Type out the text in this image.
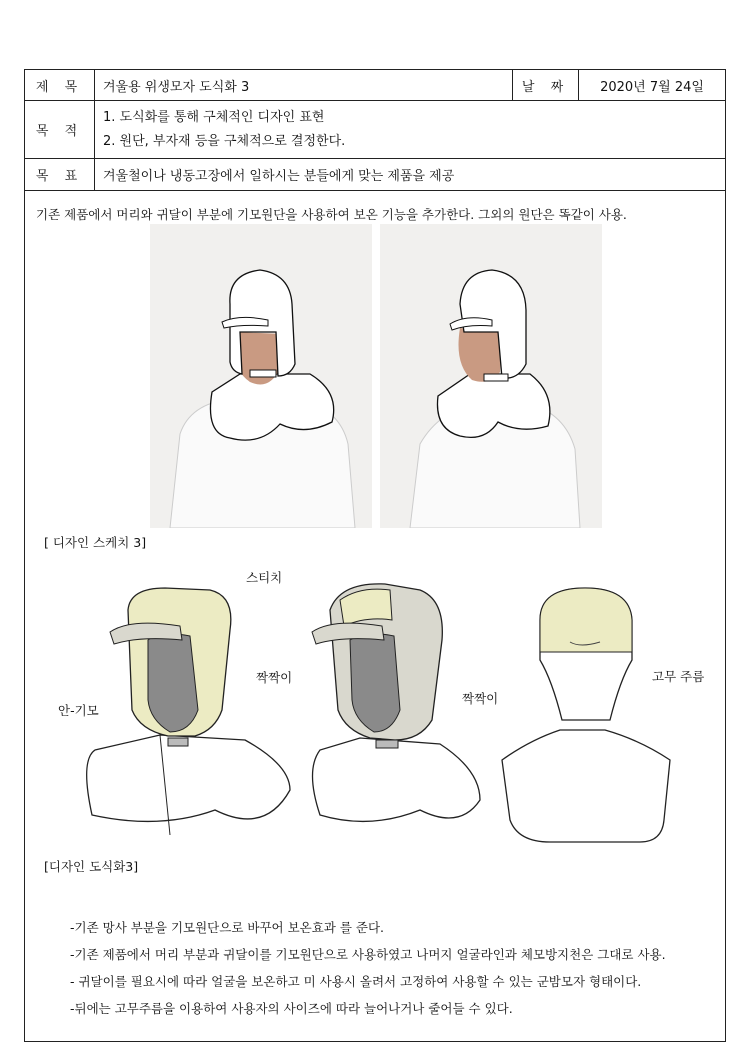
제 목	겨울용 위생모자 도식화 3	날 짜	2020년 7월 24일
목 적	1. 도식화를 통해 구체적인 디자인 표현
2. 원단, 부자재 등을 구체적으로 결정한다.		

목 표	겨울철이나 냉동고장에서 일하시는 분들에게 맞는 제품을 제공		
기존 제품에서 머리와 귀달이 부분에 기모원단을 사용하여 보온 기능을 추가한다. 그외의 원단은 똑같이 사용.
[ 디자인 스케치 3]
스티치
짝짝이
안-기모
짝짝이
고무 주름
[디자인 도식화3]
-기존 망사 부분을 기모원단으로 바꾸어 보온효과 를 준다.
-기존 제품에서 머리 부분과 귀달이를 기모원단으로 사용하였고 나머지 얼굴라인과 체모방지천은 그대로 사용.
- 귀달이를 필요시에 따라 얼굴을 보온하고 미 사용시 올려서 고정하여 사용할 수 있는 군밤모자 형태이다.
-뒤에는 고무주름을 이용하여 사용자의 사이즈에 따라 늘어나거나 줄어들 수 있다.
